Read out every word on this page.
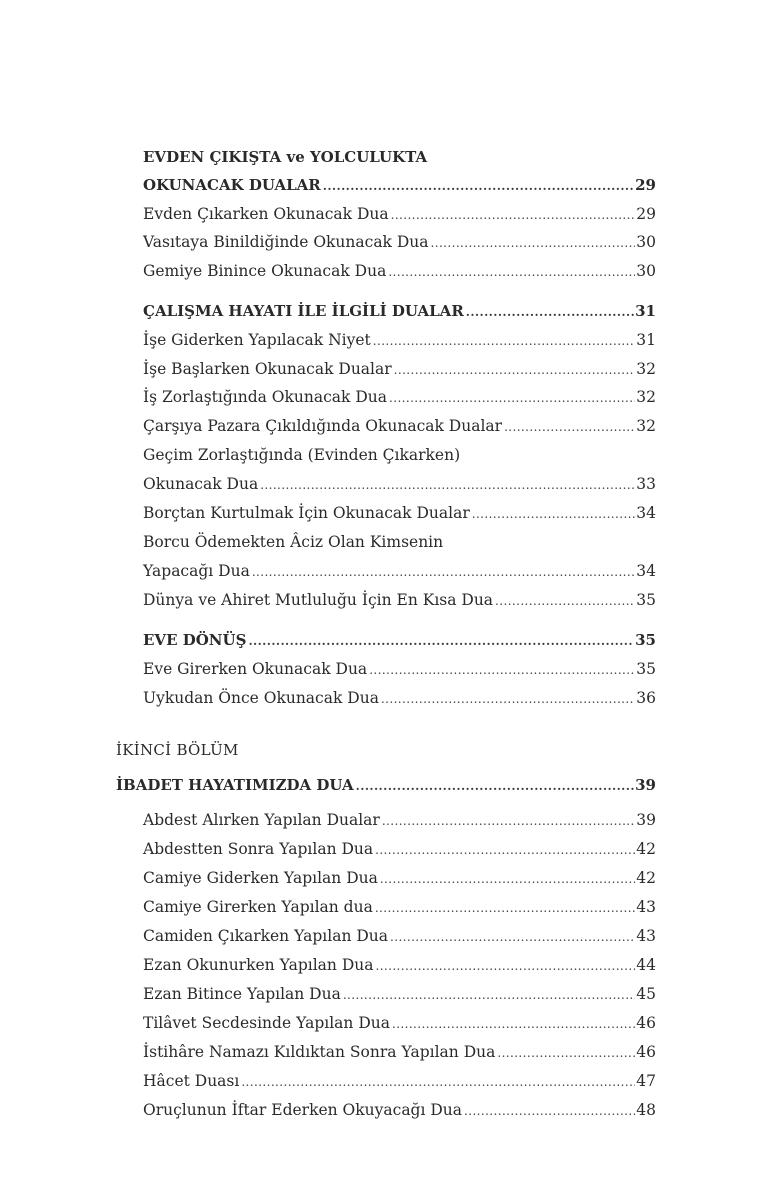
EVDEN ÇIKIŞTA ve YOLCULUKTA
OKUNACAK DUALAR .....	29
Evden Çıkarken Okunacak Dua .....	29
Vasıtaya Binildiğinde Okunacak Dua .....	30
Gemiye Binince Okunacak Dua .....	30
ÇALIŞMA HAYATI İLE İLGİLİ DUALAR .....	31
İşe Giderken Yapılacak Niyet .....	31
İşe Başlarken Okunacak Dualar .....	32
İş Zorlaştığında Okunacak Dua .....	32
Çarşıya Pazara Çıkıldığında Okunacak Dualar .....	32
Geçim Zorlaştığında (Evinden Çıkarken)
Okunacak Dua .....	33
Borçtan Kurtulmak İçin Okunacak Dualar .....	34
Borcu Ödemekten Âciz Olan Kimsenin
Yapacağı Dua .....	34
Dünya ve Ahiret Mutluluğu İçin En Kısa Dua .....	35
EVE DÖNÜŞ .....	35
Eve Girerken Okunacak Dua .....	35
Uykudan Önce Okunacak Dua .....	36
İKİNCİ BÖLÜM
İBADET HAYATIMIZDA DUA .....	39
Abdest Alırken Yapılan Dualar .....	39
Abdestten Sonra Yapılan Dua .....	42
Camiye Giderken Yapılan Dua .....	42
Camiye Girerken Yapılan dua .....	43
Camiden Çıkarken Yapılan Dua .....	43
Ezan Okunurken Yapılan Dua .....	44
Ezan Bitince Yapılan Dua .....	45
Tilâvet Secdesinde Yapılan Dua .....	46
İstihâre Namazı Kıldıktan Sonra Yapılan Dua .....	46
Hâcet Duası .....	47
Oruçlunun İftar Ederken Okuyacağı Dua .....	48
